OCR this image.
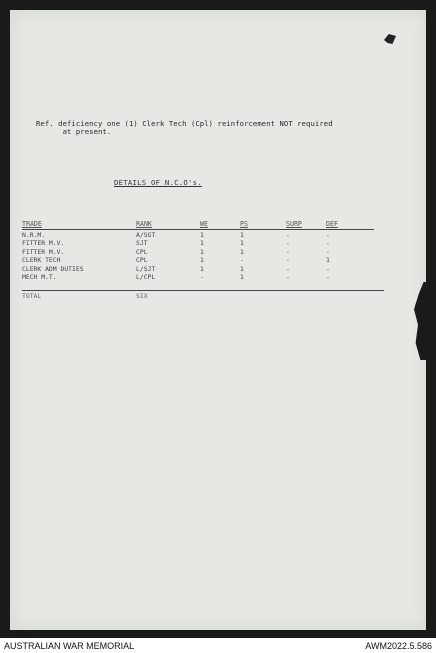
Ref. deficiency one (1) Clerk Tech (Cpl) reinforcement NOT required
at present.
DETAILS OF N.C.O's.
TRADE	RANK	WE	PS	SURP	DEF
N.R.M.	A/SGT	1	1	-	-
FITTER M.V.	SJT	1	1	-	-
FITTER M.V.	CPL	1	1	-	-
CLERK TECH	CPL	1	-	-	1
CLERK ADM DUTIES	L/SJT	1	1	-	-
MECH M.T.	L/CPL	-	1	-	-
TOTAL	SIX
AUSTRALIAN WAR MEMORIAL	AWM2022.5.586
